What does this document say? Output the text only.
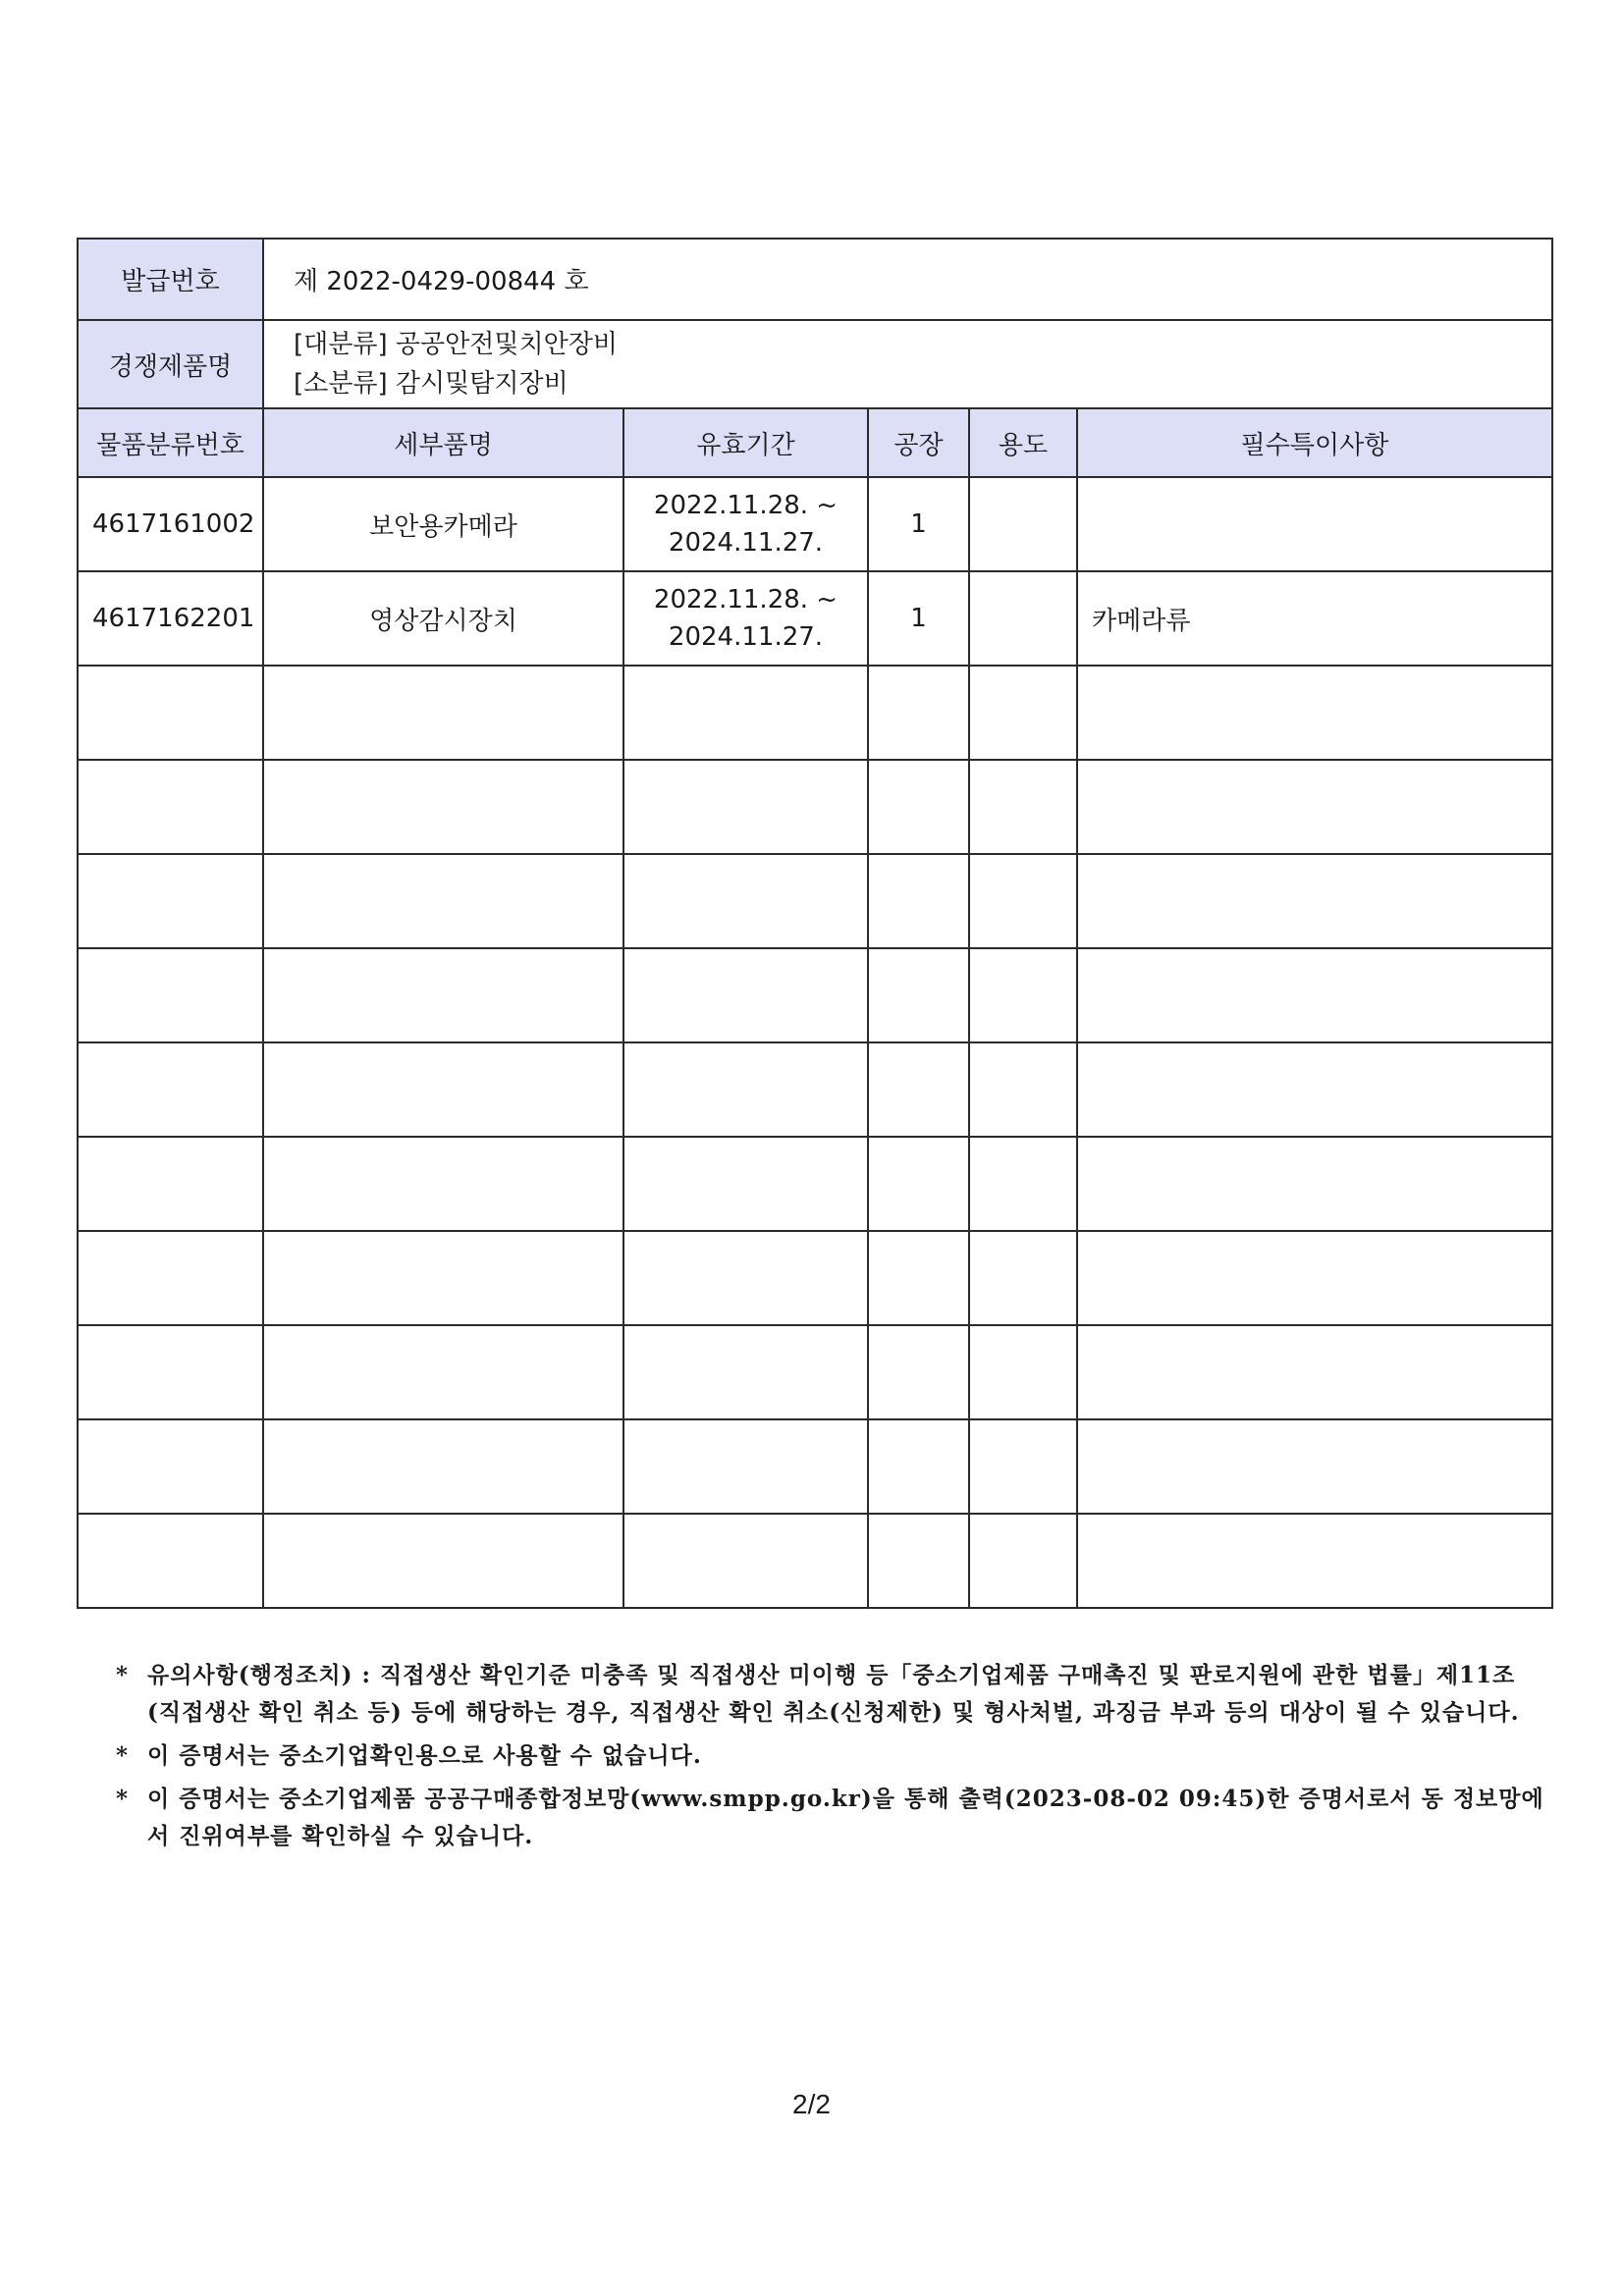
발급번호	제 2022-0429-00844 호				
경쟁제품명	[대분류] 공공안전및치안장비
[소분류] 감시및탐지장비				

물품분류번호	세부품명	유효기간	공장	용도	필수특이사항
4617161002	보안용카메라	2022.11.28. ~
2024.11.27.	1		
4617162201	영상감시장치	2022.11.28. ~
2024.11.27.	1		카메라류

* 유의사항(행정조치) : 직접생산 확인기준 미충족 및 직접생산 미이행 등「중소기업제품 구매촉진 및 판로지원에 관한 법률」제11조(직접생산 확인 취소 등) 등에 해당하는 경우, 직접생산 확인 취소(신청제한) 및 형사처벌, 과징금 부과 등의 대상이 될 수 있습니다.
* 이 증명서는 중소기업확인용으로 사용할 수 없습니다.
* 이 증명서는 중소기업제품 공공구매종합정보망(www.smpp.go.kr)을 통해 출력(2023-08-02 09:45)한 증명서로서 동 정보망에서 진위여부를 확인하실 수 있습니다.
2/2
